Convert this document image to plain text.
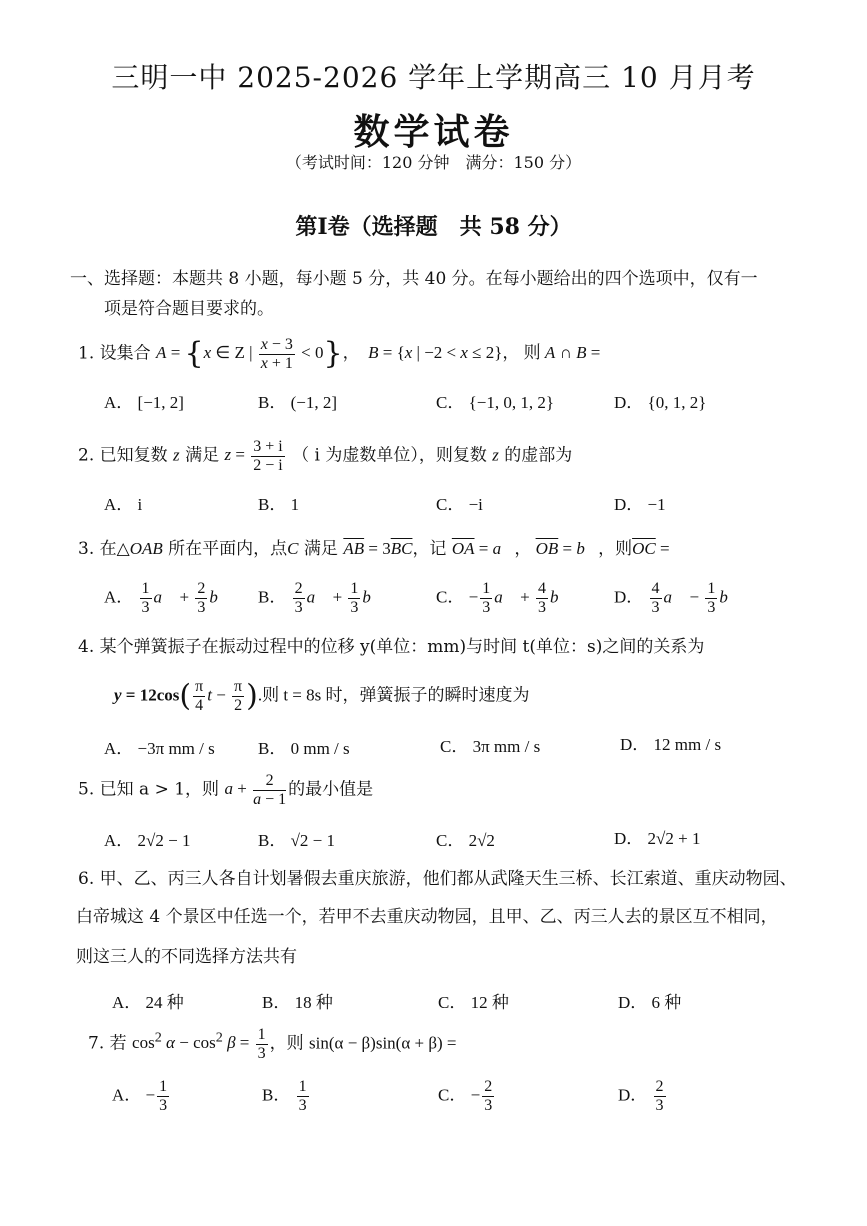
三明一中 2025-2026 学年上学期高三 10 月月考
数学试卷
（考试时间：120 分钟　满分：150 分）
第Ⅰ卷（选择题　共 58 分）
一、选择题：本题共 8 小题，每小题 5 分，共 40 分。在每小题给出的四个选项中，仅有一
项是符合题目要求的。
1. 设集合 A = {x ∈ Z | $\frac{x - 3}{x + 1} < 0$}，  B = {x | −2 < x ≤ 2}， 则 A ∩ B =
A． [−1, 2]	B． (−1, 2]	C． {−1, 0, 1, 2}	D． {0, 1, 2}
2. 已知复数 z 满足 $z = \frac{3 + i}{2 - i}$ （ i 为虚数单位），则复数 z 的虚部为
A． i	B． 1	C． −i	D． −1
3. 在△OAB 所在平面内，点C 满足 $\overline{AB} = 3\overline{BC}$，记 $\overline{OA}$ = a⃗， $\overline{OB}$ = b⃗，则$\overline{OC}$ =
A． $\frac{1}{3}$ a⃗ + $\frac{2}{3}$ b⃗ B． $\frac{2}{3}$ a⃗ + $\frac{1}{3}$ b⃗	C． − $\frac{1}{3}$ a⃗ + $\frac{4}{3}$ b⃗ D． $\frac{4}{3}$ a⃗ − $\frac{1}{3}$ b⃗
4. 某个弹簧振子在振动过程中的位移 y(单位：mm)与时间 t(单位：s)之间的关系为
$y = 12\cos( \frac{\pi}{4}$ $t - \frac{\pi}{2}$ ).则 t = 8s 时，弹簧振子的瞬时速度为
A． −3π mm / s	B． 0 mm / s	C． 3π mm / s	D． 12 mm / s
5. 已知 a > 1，则 $a + \frac{2}{a - 1}$ 的最小值是
A． 2√2 − 1	B． √2 − 1	C． 2√2	D． 2√2 + 1
6. 甲、乙、丙三人各自计划暑假去重庆旅游，他们都从武隆天生三桥、长江索道、重庆动物园、
白帝城这 4 个景区中任选一个，若甲不去重庆动物园，且甲、乙、丙三人去的景区互不相同，
则这三人的不同选择方法共有
A． 24 种	B． 18 种	C． 12 种	D． 6 种
7. 若 $\cos^2 \alpha - \cos^2 \beta = \frac{1}{3}$ ，则 sin(α − β)sin(α + β) =
A． − $\frac{1}{3}$	B． $\frac{1}{3}$	C． − $\frac{2}{3}$	D． $\frac{2}{3}$
